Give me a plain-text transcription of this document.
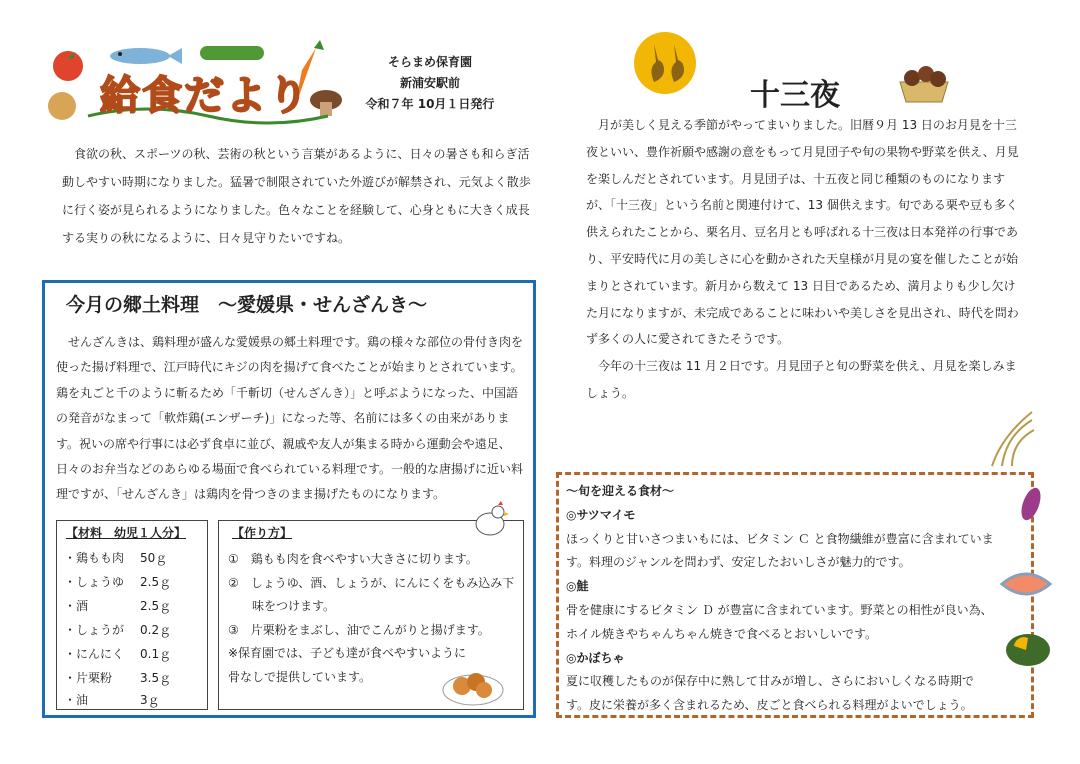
給食だより
そらまめ保育園
新浦安駅前
令和７年 10月１日発行
食欲の秋、スポーツの秋、芸術の秋という言葉があるように、日々の暑さも和らぎ活動しやすい時期になりました。猛暑で制限されていた外遊びが解禁され、元気よく散歩に行く姿が見られるようになりました。色々なことを経験して、心身ともに大きく成長する実りの秋になるように、日々見守りたいですね。
今月の郷土料理　～愛媛県・せんざんき～
せんざんきは、鶏料理が盛んな愛媛県の郷土料理です。鶏の様々な部位の骨付き肉を使った揚げ料理で、江戸時代にキジの肉を揚げて食べたことが始まりとされています。鶏を丸ごと千のように斬るため「千斬切（せんざんき）」と呼ぶようになった、中国語の発音がなまって「軟炸鶏(エンザーチ)」になった等、名前には多くの由来があります。祝いの席や行事には必ず食卓に並び、親戚や友人が集まる時から運動会や遠足、日々のお弁当などのあらゆる場面で食べられている料理です。一般的な唐揚げに近い料理ですが、「せんざんき」は鶏肉を骨つきのまま揚げたものになります。
【材料　幼児１人分】
・鶏もも肉 50ｇ
・しょうゆ 2.5ｇ
・酒	2.5ｇ
・しょうが 0.2ｇ
・にんにく 0.1ｇ
・片栗粉 3.5ｇ
・油	3ｇ
【作り方】
①　鶏もも肉を食べやすい大きさに切ります。
②　しょうゆ、酒、しょうが、にんにくをもみ込み下味をつけます。
③　片栗粉をまぶし、油でこんがりと揚げます。
※保育園では、子ども達が食べやすいように骨なしで提供しています。
十三夜
月が美しく見える季節がやってまいりました。旧暦９月 13 日のお月見を十三夜といい、豊作祈願や感謝の意をもって月見団子や旬の果物や野菜を供え、月見を楽しんだとされています。月見団子は、十五夜と同じ種類のものになりますが、「十三夜」という名前と関連付けて、13 個供えます。旬である栗や豆も多く供えられたことから、栗名月、豆名月とも呼ばれる十三夜は日本発祥の行事であり、平安時代に月の美しさに心を動かされた天皇様が月見の宴を催したことが始まりとされています。新月から数えて 13 日目であるため、満月よりも少し欠けた月になりますが、未完成であることに味わいや美しさを見出され、時代を問わず多くの人に愛されてきたそうです。
今年の十三夜は 11 月２日です。月見団子と旬の野菜を供え、月見を楽しみましょう。
～旬を迎える食材～
◎サツマイモ
ほっくりと甘いさつまいもには、ビタミン Ｃ と食物繊維が豊富に含まれています。料理のジャンルを問わず、安定したおいしさが魅力的です。
◎鮭
骨を健康にするビタミン Ｄ が豊富に含まれています。野菜との相性が良い為、ホイル焼きやちゃんちゃん焼きで食べるとおいしいです。
◎かぼちゃ
夏に収穫したものが保存中に熟して甘みが増し、さらにおいしくなる時期です。皮に栄養が多く含まれるため、皮ごと食べられる料理がよいでしょう。
